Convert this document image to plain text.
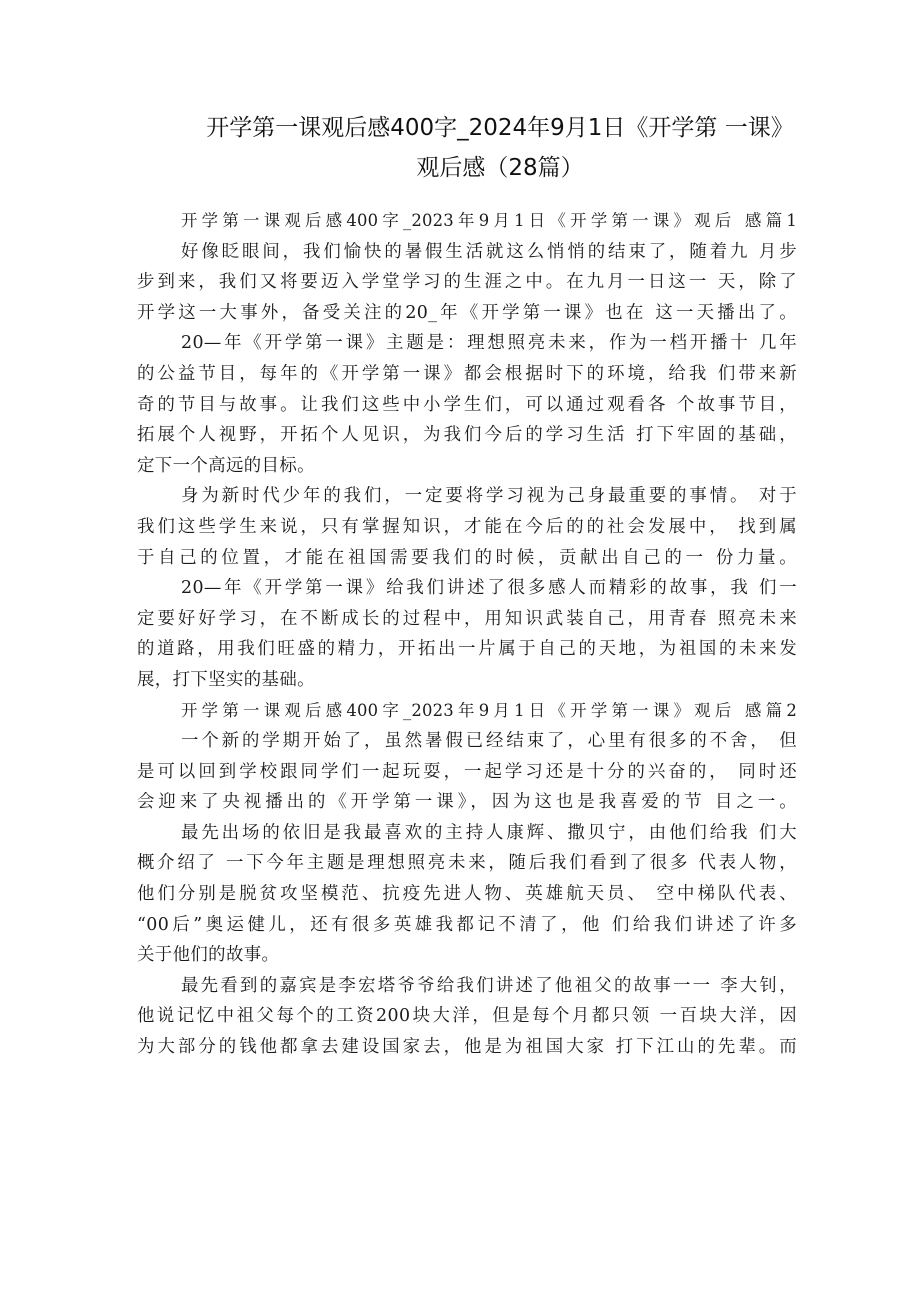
开学第一课观后感400字_2024年9月1日《开学第 一课》
观后感（28篇）
开学第一课观后感400字_2023年9月1日《开学第一课》观后 感篇1
好像眨眼间，我们愉快的暑假生活就这么悄悄的结束了，随着九 月步
步到来，我们又将要迈入学堂学习的生涯之中。在九月一日这一 天，除了
开学这一大事外，备受关注的20_年《开学第一课》也在 这一天播出了。
20—年《开学第一课》主题是：理想照亮未来，作为一档开播十 几年
的公益节目，每年的《开学第一课》都会根据时下的环境，给我 们带来新
奇的节目与故事。让我们这些中小学生们，可以通过观看各 个故事节目，
拓展个人视野，开拓个人见识，为我们今后的学习生活 打下牢固的基础，
定下一个高远的目标。
身为新时代少年的我们，一定要将学习视为己身最重要的事情。 对于
我们这些学生来说，只有掌握知识，才能在今后的的社会发展中， 找到属
于自己的位置，才能在祖国需要我们的时候，贡献出自己的一 份力量。
20—年《开学第一课》给我们讲述了很多感人而精彩的故事，我 们一
定要好好学习，在不断成长的过程中，用知识武装自己，用青春 照亮未来
的道路，用我们旺盛的精力，开拓出一片属于自己的天地，为祖国的未来发
展，打下坚实的基础。
开学第一课观后感400字_2023年9月1日《开学第一课》观后 感篇2
一个新的学期开始了，虽然暑假已经结束了，心里有很多的不舍， 但
是可以回到学校跟同学们一起玩耍，一起学习还是十分的兴奋的， 同时还
会迎来了央视播出的《开学第一课》，因为这也是我喜爱的节 目之一。
最先出场的依旧是我最喜欢的主持人康辉、撒贝宁，由他们给我 们大
概介绍了 一下今年主题是理想照亮未来，随后我们看到了很多 代表人物，
他们分别是脱贫攻坚模范、抗疫先进人物、英雄航天员、 空中梯队代表、
“00后”奥运健儿，还有很多英雄我都记不清了，他 们给我们讲述了许多
关于他们的故事。
最先看到的嘉宾是李宏塔爷爷给我们讲述了他祖父的故事一一 李大钊，
他说记忆中祖父每个的工资200块大洋，但是每个月都只领 一百块大洋，因
为大部分的钱他都拿去建设国家去，他是为祖国大家 打下江山的先辈。而
